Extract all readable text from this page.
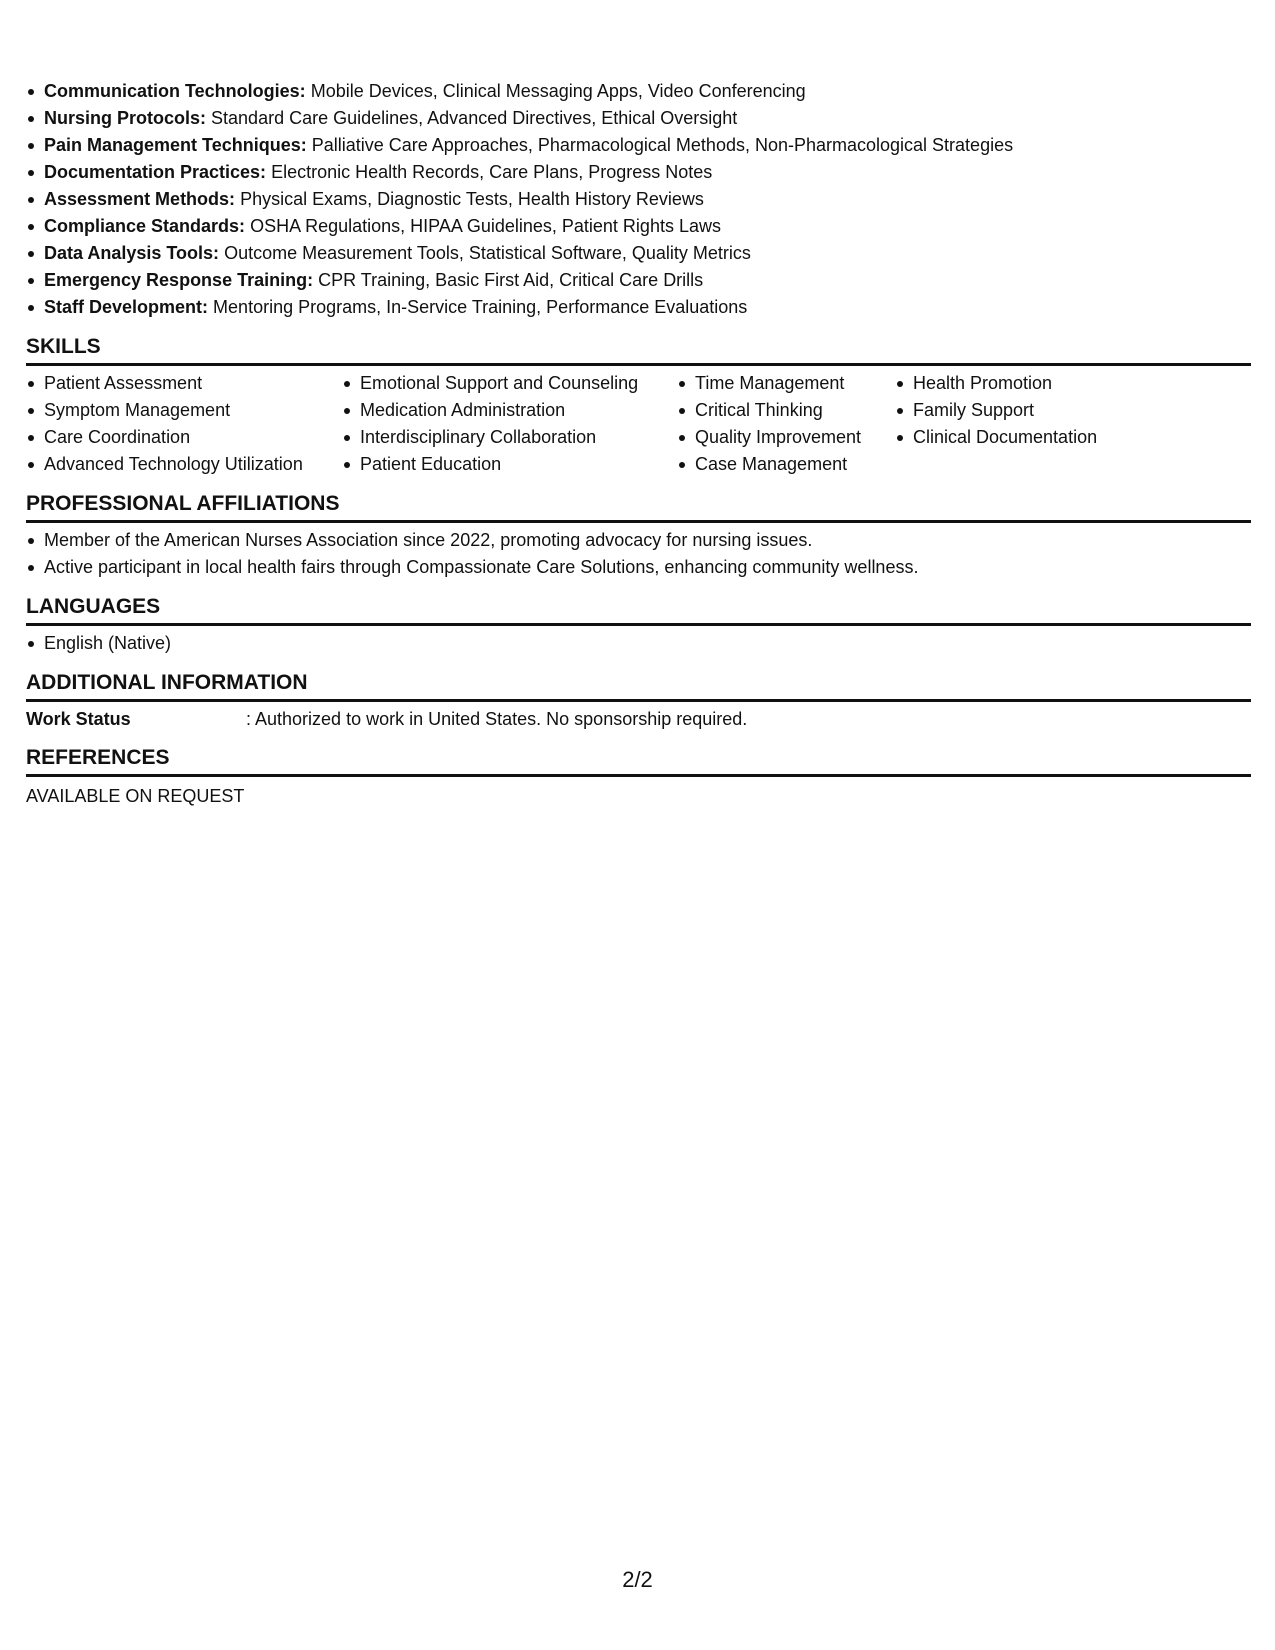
Communication Technologies: Mobile Devices, Clinical Messaging Apps, Video Conferencing
Nursing Protocols: Standard Care Guidelines, Advanced Directives, Ethical Oversight
Pain Management Techniques: Palliative Care Approaches, Pharmacological Methods, Non-Pharmacological Strategies
Documentation Practices: Electronic Health Records, Care Plans, Progress Notes
Assessment Methods: Physical Exams, Diagnostic Tests, Health History Reviews
Compliance Standards: OSHA Regulations, HIPAA Guidelines, Patient Rights Laws
Data Analysis Tools: Outcome Measurement Tools, Statistical Software, Quality Metrics
Emergency Response Training: CPR Training, Basic First Aid, Critical Care Drills
Staff Development: Mentoring Programs, In-Service Training, Performance Evaluations
SKILLS
Patient Assessment
Symptom Management
Care Coordination
Advanced Technology Utilization
Emotional Support and Counseling
Medication Administration
Interdisciplinary Collaboration
Patient Education
Time Management
Critical Thinking
Quality Improvement
Case Management
Health Promotion
Family Support
Clinical Documentation
PROFESSIONAL AFFILIATIONS
Member of the American Nurses Association since 2022, promoting advocacy for nursing issues.
Active participant in local health fairs through Compassionate Care Solutions, enhancing community wellness.
LANGUAGES
English (Native)
ADDITIONAL INFORMATION
Work Status	: Authorized to work in United States. No sponsorship required.
REFERENCES
AVAILABLE ON REQUEST
2/2
